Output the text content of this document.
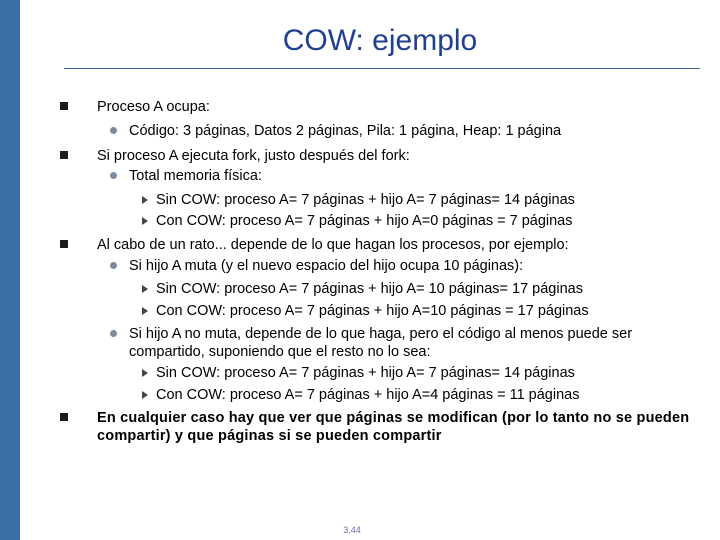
COW: ejemplo
Proceso A ocupa:
Código: 3 páginas, Datos 2 páginas, Pila: 1 página, Heap: 1 página
Si proceso A ejecuta fork, justo después del fork:
Total memoria física:
Sin COW: proceso A= 7 páginas + hijo A= 7 páginas= 14 páginas
Con COW: proceso A= 7 páginas + hijo A=0 páginas = 7 páginas
Al cabo de un rato... depende de lo que hagan los procesos, por ejemplo:
Si hijo A muta (y el nuevo espacio del hijo ocupa 10 páginas):
Sin COW: proceso A= 7 páginas + hijo A= 10 páginas= 17 páginas
Con COW: proceso A= 7 páginas + hijo A=10 páginas = 17 páginas
Si hijo A no muta, depende de lo que haga, pero el código al menos puede ser compartido, suponiendo que el resto no lo sea:
Sin COW: proceso A= 7 páginas + hijo A= 7 páginas= 14 páginas
Con COW: proceso A= 7 páginas + hijo A=4 páginas = 11 páginas
En cualquier caso hay que ver que páginas se modifican (por lo tanto no se pueden compartir) y que páginas si se pueden compartir
3.44
